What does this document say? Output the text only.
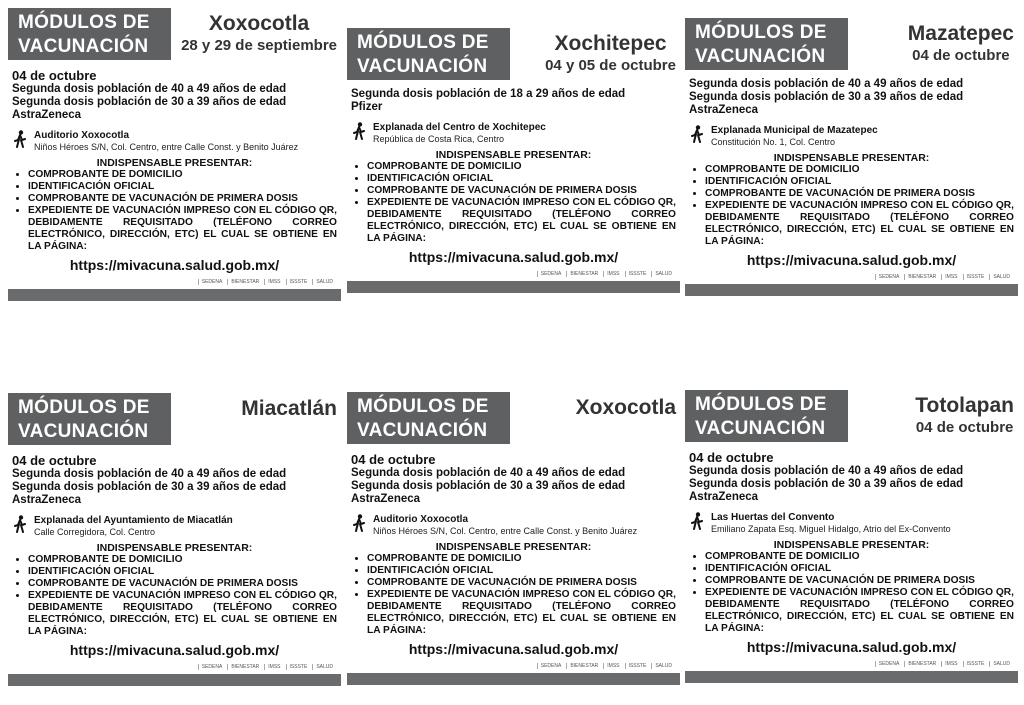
MÓDULOS DE
VACUNACIÓN
Xoxocotla
28 y 29 de septiembre
04 de octubre
Segunda dosis población de 40 a 49 años de edad
Segunda dosis población de 30 a 39 años de edad
AstraZeneca
Auditorio Xoxocotla
Niños Héroes S/N, Col. Centro, entre Calle Const. y Benito Juárez
INDISPENSABLE PRESENTAR:
• COMPROBANTE DE DOMICILIO
• IDENTIFICACIÓN OFICIAL
• COMPROBANTE DE VACUNACIÓN DE PRIMERA DOSIS
• EXPEDIENTE DE VACUNACIÓN IMPRESO CON EL CÓDIGO QR, DEBIDAMENTE REQUISITADO (TELÉFONO CORREO ELECTRÓNICO, DIRECCIÓN, ETC) EL CUAL SE OBTIENE EN LA PÁGINA:
https://mivacuna.salud.gob.mx/
SEDENA	BIENESTAR	IMSS	ISSSTE	SALUD
MÓDULOS DE
VACUNACIÓN
Xochitepec
04 y 05 de octubre
Segunda dosis población de 18 a 29 años de edad
Pfizer
Explanada del Centro de Xochitepec
República de Costa Rica, Centro
INDISPENSABLE PRESENTAR:
• COMPROBANTE DE DOMICILIO
• IDENTIFICACIÓN OFICIAL
• COMPROBANTE DE VACUNACIÓN DE PRIMERA DOSIS
• EXPEDIENTE DE VACUNACIÓN IMPRESO CON EL CÓDIGO QR, DEBIDAMENTE REQUISITADO (TELÉFONO CORREO ELECTRÓNICO, DIRECCIÓN, ETC) EL CUAL SE OBTIENE EN LA PÁGINA:
https://mivacuna.salud.gob.mx/
SEDENA	BIENESTAR	IMSS	ISSSTE	SALUD
MÓDULOS DE
VACUNACIÓN
Mazatepec
04 de octubre
Segunda dosis población de 40 a 49 años de edad
Segunda dosis población de 30 a 39 años de edad
AstraZeneca
Explanada Municipal de Mazatepec
Constitución No. 1, Col. Centro
INDISPENSABLE PRESENTAR:
• COMPROBANTE DE DOMICILIO
• IDENTIFICACIÓN OFICIAL
• COMPROBANTE DE VACUNACIÓN DE PRIMERA DOSIS
• EXPEDIENTE DE VACUNACIÓN IMPRESO CON EL CÓDIGO QR, DEBIDAMENTE REQUISITADO (TELÉFONO CORREO ELECTRÓNICO, DIRECCIÓN, ETC) EL CUAL SE OBTIENE EN LA PÁGINA:
https://mivacuna.salud.gob.mx/
SEDENA	BIENESTAR	IMSS	ISSSTE	SALUD
MÓDULOS DE
VACUNACIÓN
Miacatlán
04 de octubre
Segunda dosis población de 40 a 49 años de edad
Segunda dosis población de 30 a 39 años de edad
AstraZeneca
Explanada del Ayuntamiento de Miacatlán
Calle Corregidora, Col. Centro
INDISPENSABLE PRESENTAR:
• COMPROBANTE DE DOMICILIO
• IDENTIFICACIÓN OFICIAL
• COMPROBANTE DE VACUNACIÓN DE PRIMERA DOSIS
• EXPEDIENTE DE VACUNACIÓN IMPRESO CON EL CÓDIGO QR, DEBIDAMENTE REQUISITADO (TELÉFONO CORREO ELECTRÓNICO, DIRECCIÓN, ETC) EL CUAL SE OBTIENE EN LA PÁGINA:
https://mivacuna.salud.gob.mx/
SEDENA	BIENESTAR	IMSS	ISSSTE	SALUD
MÓDULOS DE
VACUNACIÓN
Xoxocotla
04 de octubre
Segunda dosis población de 40 a 49 años de edad
Segunda dosis población de 30 a 39 años de edad
AstraZeneca
Auditorio Xoxocotla
Niños Héroes S/N, Col. Centro, entre Calle Const. y Benito Juárez
INDISPENSABLE PRESENTAR:
• COMPROBANTE DE DOMICILIO
• IDENTIFICACIÓN OFICIAL
• COMPROBANTE DE VACUNACIÓN DE PRIMERA DOSIS
• EXPEDIENTE DE VACUNACIÓN IMPRESO CON EL CÓDIGO QR, DEBIDAMENTE REQUISITADO (TELÉFONO CORREO ELECTRÓNICO, DIRECCIÓN, ETC) EL CUAL SE OBTIENE EN LA PÁGINA:
https://mivacuna.salud.gob.mx/
SEDENA	BIENESTAR	IMSS	ISSSTE	SALUD
MÓDULOS DE
VACUNACIÓN
Totolapan
04 de octubre
04 de octubre
Segunda dosis población de 40 a 49 años de edad
Segunda dosis población de 30 a 39 años de edad
AstraZeneca
Las Huertas del Convento
Emiliano Zapata Esq. Miguel Hidalgo, Atrio del Ex-Convento
INDISPENSABLE PRESENTAR:
• COMPROBANTE DE DOMICILIO
• IDENTIFICACIÓN OFICIAL
• COMPROBANTE DE VACUNACIÓN DE PRIMERA DOSIS
• EXPEDIENTE DE VACUNACIÓN IMPRESO CON EL CÓDIGO QR, DEBIDAMENTE REQUISITADO (TELÉFONO CORREO ELECTRÓNICO, DIRECCIÓN, ETC) EL CUAL SE OBTIENE EN LA PÁGINA:
https://mivacuna.salud.gob.mx/
SEDENA	BIENESTAR	IMSS	ISSSTE	SALUD
